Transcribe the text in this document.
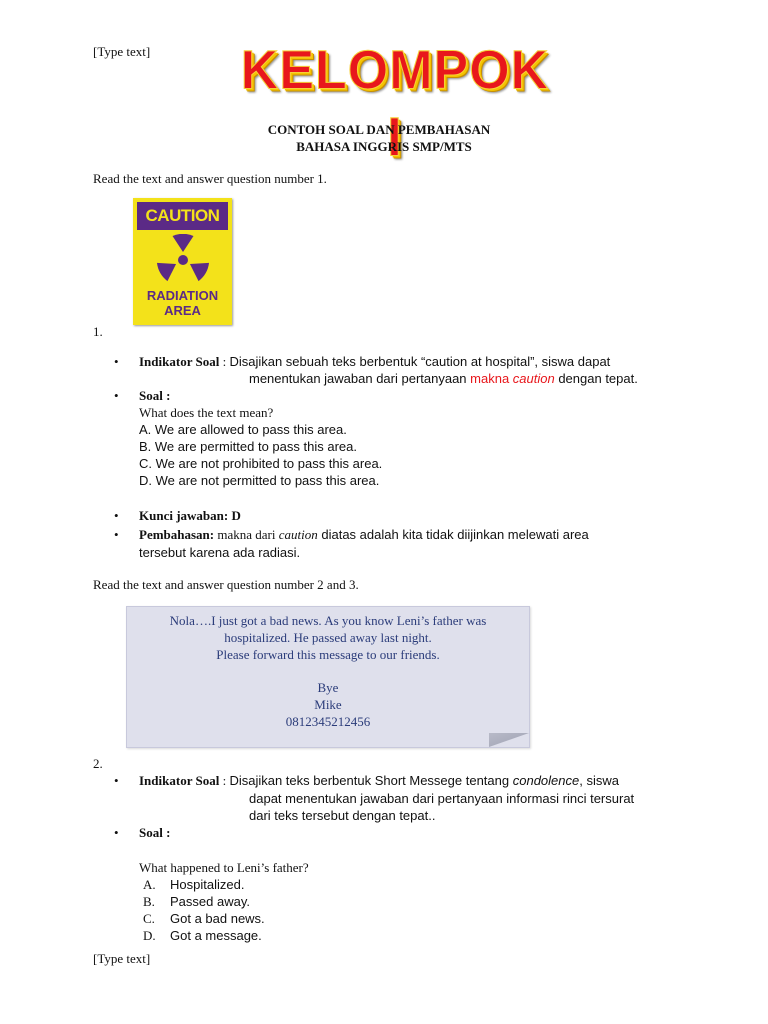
[Type text] KELOMPOK I
CONTOH SOAL DAN PEMBAHASAN
BAHASA INGGRIS SMP/MTS
Read the text and answer question number 1.
CAUTION
RADIATION
AREA
1.
Indikator Soal : Disajikan sebuah teks berbentuk “caution at hospital”, siswa dapat
menentukan jawaban dari pertanyaan makna caution dengan tepat.
Soal :
What does the text mean?
A. We are allowed to pass this area.
B. We are permitted to pass this area.
C. We are not prohibited to pass this area.
D. We are not permitted to pass this area.
Kunci jawaban: D
Pembahasan: makna dari caution diatas adalah kita tidak diijinkan melewati area
tersebut karena ada radiasi.
Read the text and answer question number 2 and 3.
Nola….I just got a bad news. As you know Leni’s father was
hospitalized. He passed away last night.
Please forward this message to our friends.
Bye
Mike
0812345212456
2.
Indikator Soal : Disajikan teks berbentuk Short Messege tentang condolence, siswa
dapat menentukan jawaban dari pertanyaan informasi rinci tersurat
dari teks tersebut dengan tepat..
Soal :
What happened to Leni’s father?
A. Hospitalized.
B. Passed away.
C. Got a bad news.
D. Got a message.
[Type text]
